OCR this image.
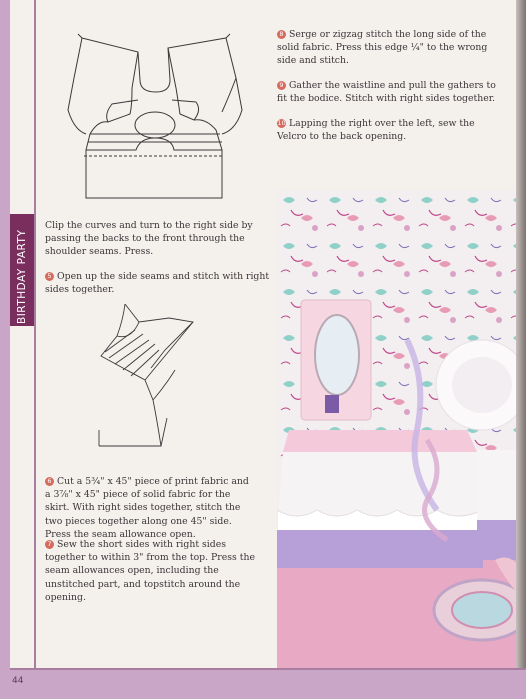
BIRTHDAY PARTY
Clip the curves and turn to the right side by passing the backs to the front through the shoulder seams. Press.
5 Open up the side seams and stitch with right sides together.
6 Cut a 5¾" x 45" piece of print fabric and a 3⅞" x 45" piece of solid fabric for the skirt. With right sides together, stitch the two pieces together along one 45" side. Press the seam allowance open.
7 Sew the short sides with right sides together to within 3" from the top. Press the seam allowances open, including the unstitched part, and topstitch around the opening.
8 Serge or zigzag stitch the long side of the solid fabric. Press this edge ¼" to the wrong side and stitch.
9 Gather the waistline and pull the gathers to fit the bodice. Stitch with right sides together.
10 Lapping the right over the left, sew the Velcro to the back opening.
44
